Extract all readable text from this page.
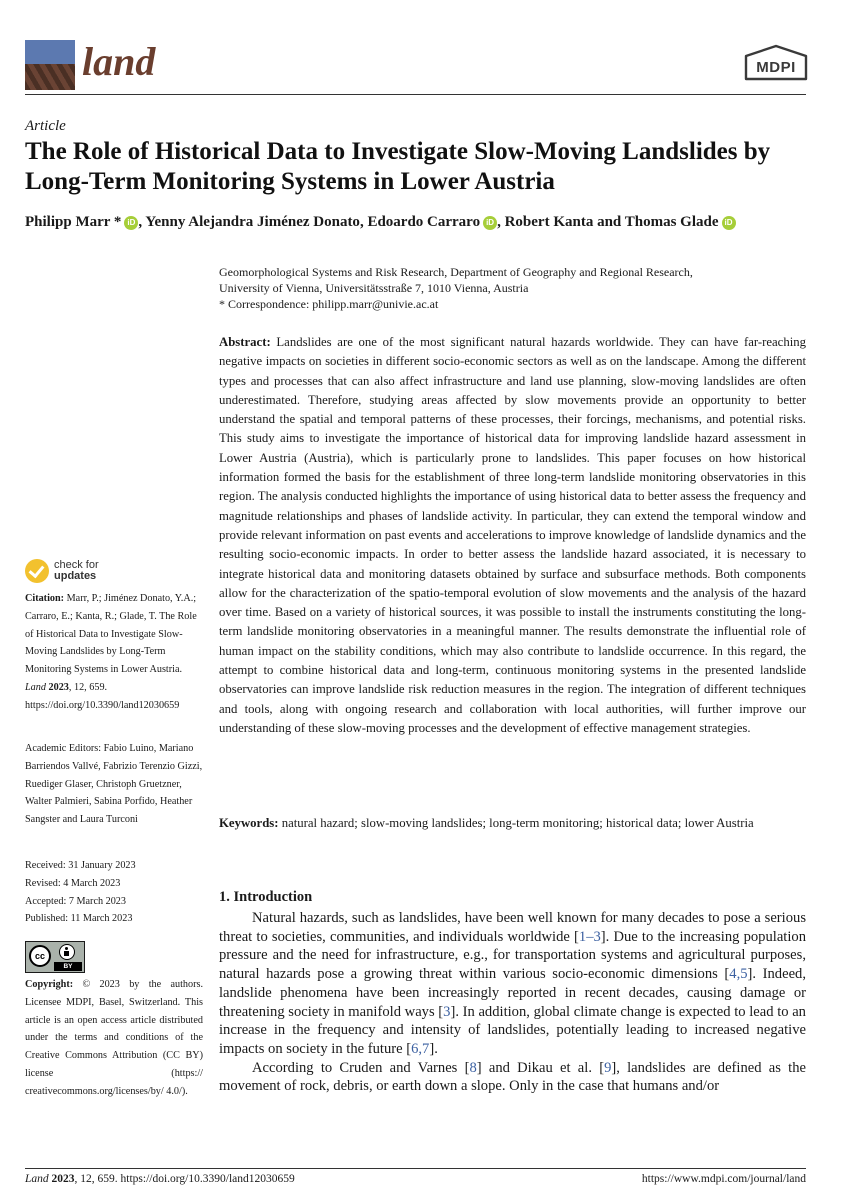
land	MDPI
Article
The Role of Historical Data to Investigate Slow-Moving Landslides by Long-Term Monitoring Systems in Lower Austria
Philipp Marr * iD , Yenny Alejandra Jiménez Donato, Edoardo Carraro iD , Robert Kanta and Thomas Glade iD
Geomorphological Systems and Risk Research, Department of Geography and Regional Research,
University of Vienna, Universitätsstraße 7, 1010 Vienna, Austria
* Correspondence: philipp.marr@univie.ac.at
Abstract: Landslides are one of the most significant natural hazards worldwide. They can have far-reaching negative impacts on societies in different socio-economic sectors as well as on the landscape. Among the different types and processes that can also affect infrastructure and land use planning, slow-moving landslides are often underestimated. Therefore, studying areas affected by slow movements provide an opportunity to better understand the spatial and temporal patterns of these processes, their forcings, mechanisms, and potential risks. This study aims to investigate the importance of historical data for improving landslide hazard assessment in Lower Austria (Austria), which is particularly prone to landslides. This paper focuses on how historical information formed the basis for the establishment of three long-term landslide monitoring observatories in this region. The analysis conducted highlights the importance of using historical data to better assess the frequency and magnitude relationships and phases of landslide activity. In particular, they can extend the temporal window and provide relevant information on past events and accelerations to improve knowledge of landslide dynamics and the resulting socio-economic impacts. In order to better assess the landslide hazard associated, it is necessary to integrate historical data and monitoring datasets obtained by surface and subsurface methods. Both components allow for the characterization of the spatio-temporal evolution of slow movements and the analysis of the hazard over time. Based on a variety of historical sources, it was possible to install the instruments constituting the long-term landslide monitoring observatories in a meaningful manner. The results demonstrate the influential role of human impact on the stability conditions, which may also contribute to landslide occurrence. In this regard, the attempt to combine historical data and long-term, continuous monitoring systems in the presented landslide observatories can improve landslide risk reduction measures in the region. The integration of different techniques and tools, along with ongoing research and collaboration with local authorities, will further improve our understanding of these slow-moving processes and the development of effective management strategies.
Keywords: natural hazard; slow-moving landslides; long-term monitoring; historical data; lower Austria
check for
updates
Citation: Marr, P.; Jiménez Donato, Y.A.; Carraro, E.; Kanta, R.; Glade, T. The Role of Historical Data to Investigate Slow-Moving Landslides by Long-Term Monitoring Systems in Lower Austria. Land 2023, 12, 659. https://doi.org/10.3390/land12030659
Academic Editors: Fabio Luino, Mariano Barriendos Vallvé, Fabrizio Terenzio Gizzi, Ruediger Glaser, Christoph Gruetzner, Walter Palmieri, Sabina Porfido, Heather Sangster and Laura Turconi
Received: 31 January 2023
Revised: 4 March 2023
Accepted: 7 March 2023
Published: 11 March 2023
cc
BY
Copyright: © 2023 by the authors. Licensee MDPI, Basel, Switzerland. This article is an open access article distributed under the terms and conditions of the Creative Commons Attribution (CC BY) license (https:// creativecommons.org/licenses/by/ 4.0/).
1. Introduction

Natural hazards, such as landslides, have been well known for many decades to pose a serious threat to societies, communities, and individuals worldwide [1–3]. Due to the increasing population pressure and the need for infrastructure, e.g., for transportation systems and agricultural purposes, natural hazards pose a growing threat within various socio-economic dimensions [4,5]. Indeed, landslide phenomena have been increasingly reported in recent decades, causing damage or threatening society in manifold ways [3]. In addition, global climate change is expected to lead to an increase in the frequency and intensity of landslides, potentially leading to increased negative impacts on society in the future [6,7].

According to Cruden and Varnes [8] and Dikau et al. [9], landslides are defined as the movement of rock, debris, or earth down a slope. Only in the case that humans and/or

Land 2023, 12, 659. https://doi.org/10.3390/land12030659	https://www.mdpi.com/journal/land
